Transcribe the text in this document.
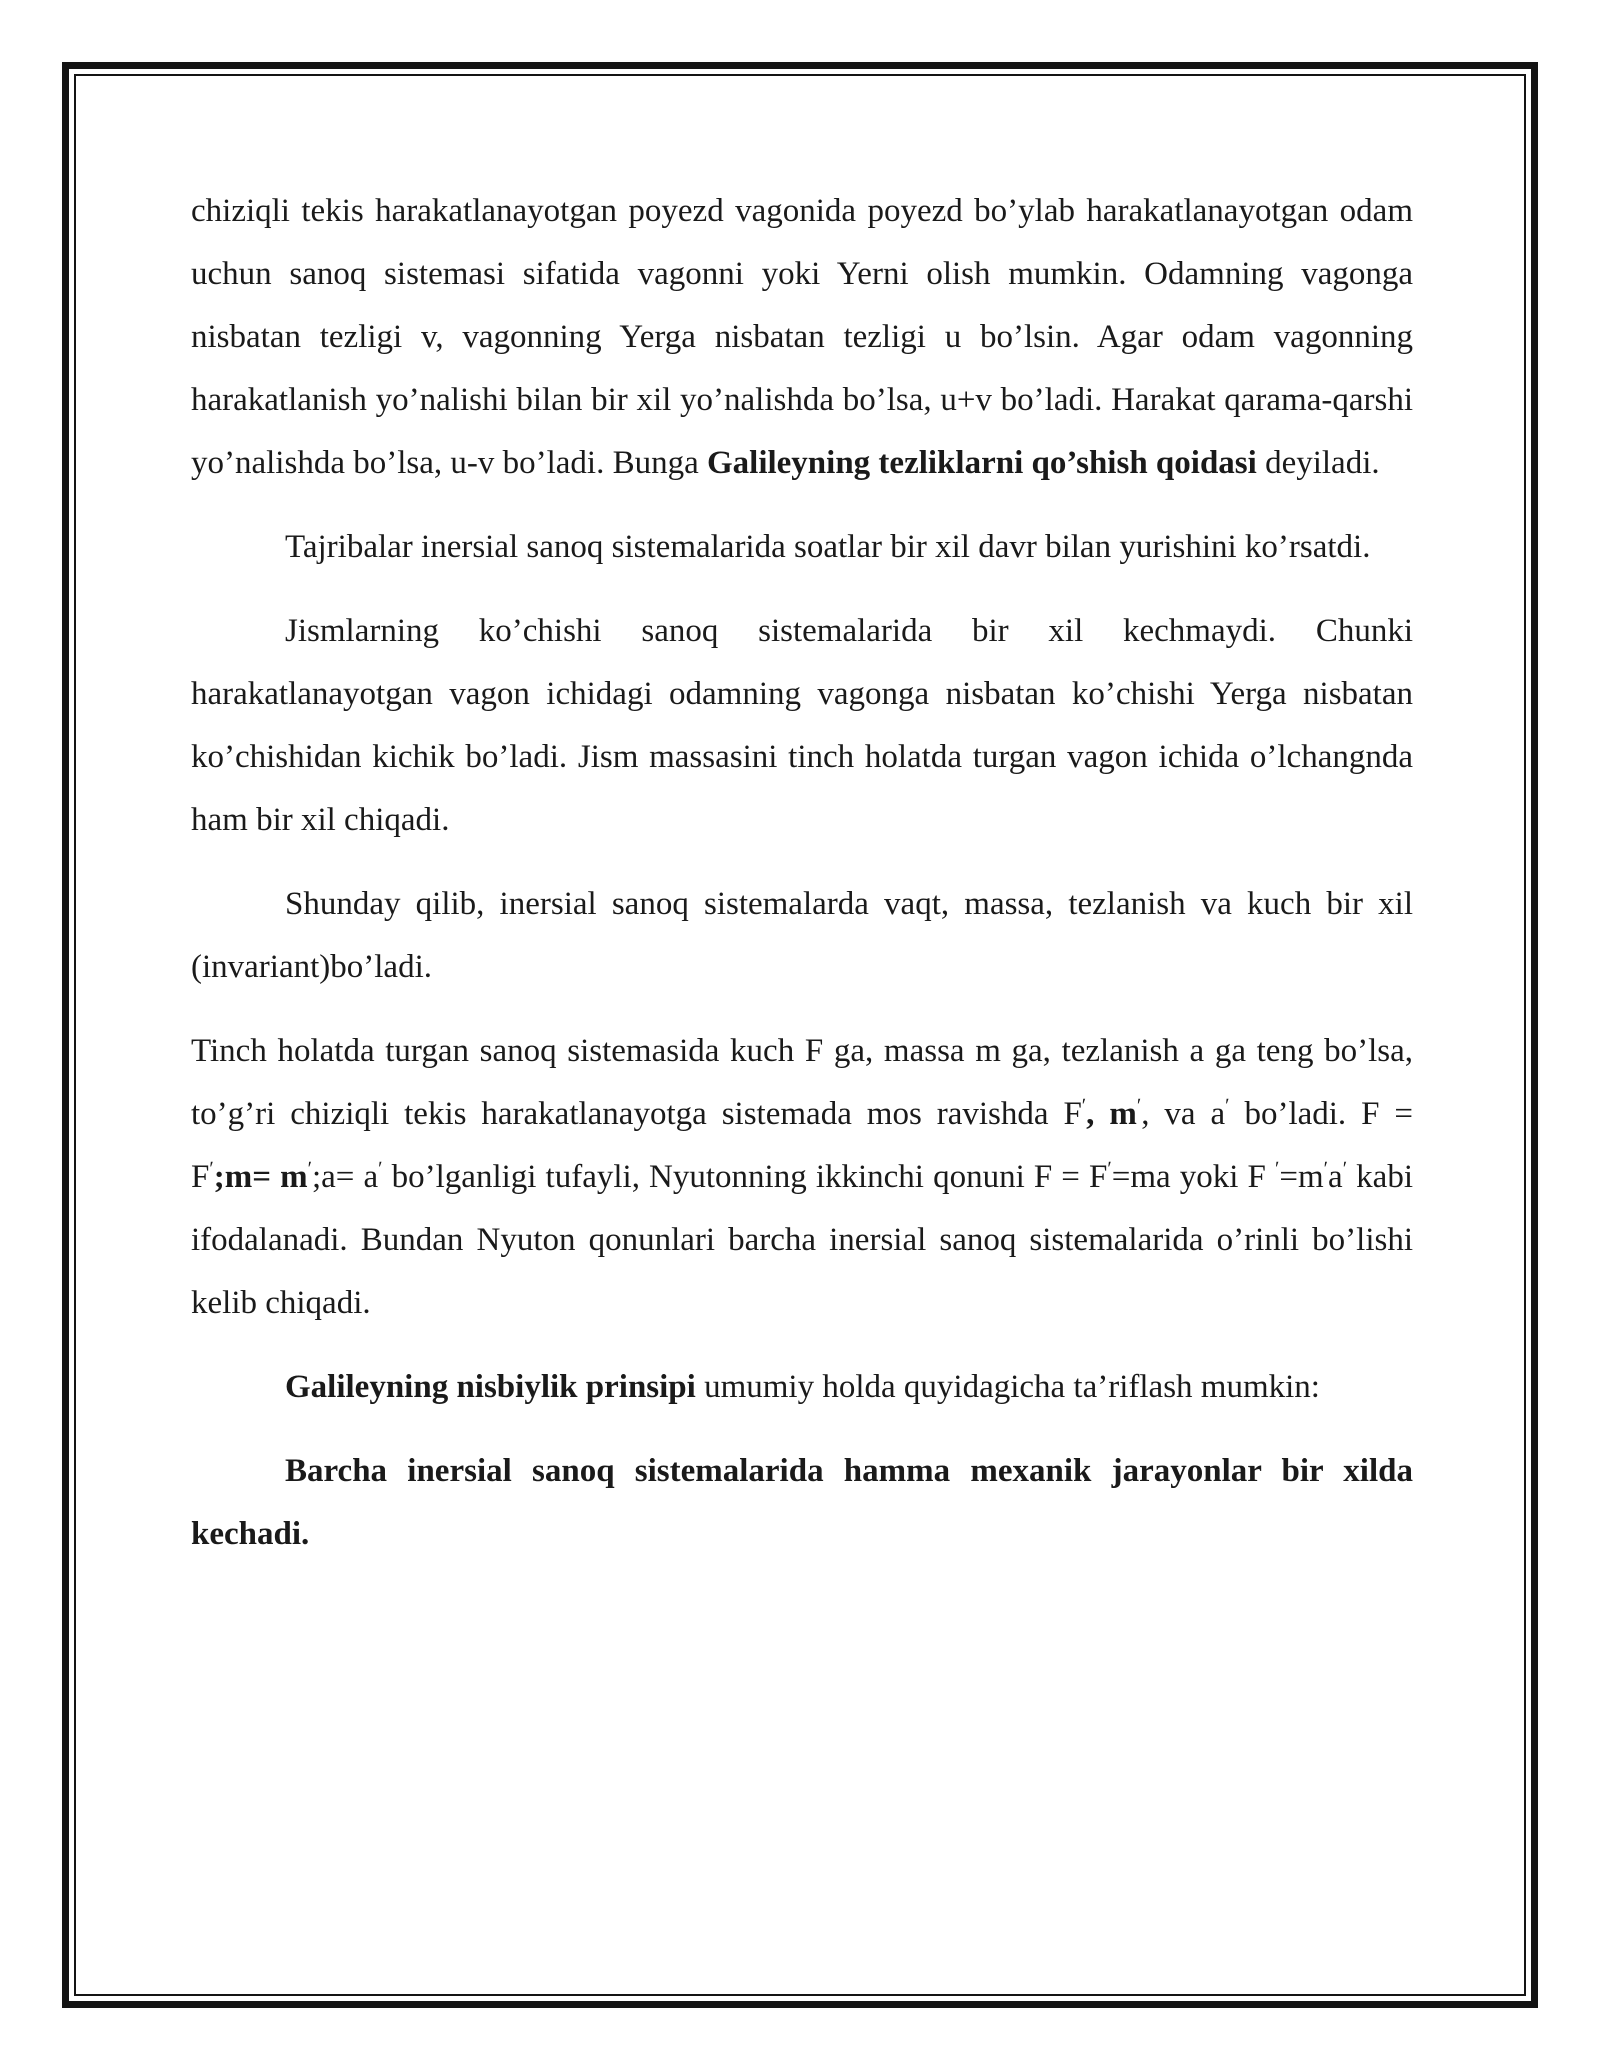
chiziqli tekis harakatlanayotgan poyezd vagonida poyezd bo’ylab harakatlanayotgan odam uchun sanoq sistemasi sifatida vagonni yoki Yerni olish mumkin. Odamning vagonga nisbatan tezligi v, vagonning Yerga nisbatan tezligi u bo’lsin. Agar odam vagonning harakatlanish yo’nalishi bilan bir xil yo’nalishda bo’lsa, u+v bo’ladi. Harakat qarama-qarshi yo’nalishda bo’lsa, u-v bo’ladi. Bunga Galileyning tezliklarni qo’shish qoidasi deyiladi.

Tajribalar inersial sanoq sistemalarida soatlar bir xil davr bilan yurishini ko’rsatdi.

Jismlarning ko’chishi sanoq sistemalarida bir xil kechmaydi. Chunki harakatlanayotgan vagon ichidagi odamning vagonga nisbatan ko’chishi Yerga nisbatan ko’chishidan kichik bo’ladi. Jism massasini tinch holatda turgan vagon ichida o’lchangnda ham bir xil chiqadi.

Shunday qilib, inersial sanoq sistemalarda vaqt, massa, tezlanish va kuch bir xil (invariant)bo’ladi.

Tinch holatda turgan sanoq sistemasida kuch F ga, massa m ga, tezlanish a ga teng bo’lsa, to’g’ri chiziqli tekis harakatlanayotga sistemada mos ravishda $F^ʹ$, $m^ʹ$, va $a^ʹ$ bo’ladi. $F = F^ʹ;m=$ $m^ʹ;a= a^ʹ$ bo’lganligi tufayli, Nyutonning ikkinchi qonuni $F = F^ʹ=ma$ yoki F $^ʹ=m^ʹa^ʹ$ kabi ifodalanadi. Bundan Nyuton qonunlari barcha inersial sanoq sistemalarida o’rinli bo’lishi kelib chiqadi.

Galileyning nisbiylik prinsipi umumiy holda quyidagicha ta’riflash mumkin:

Barcha inersial sanoq sistemalarida hamma mexanik jarayonlar bir xilda kechadi.
